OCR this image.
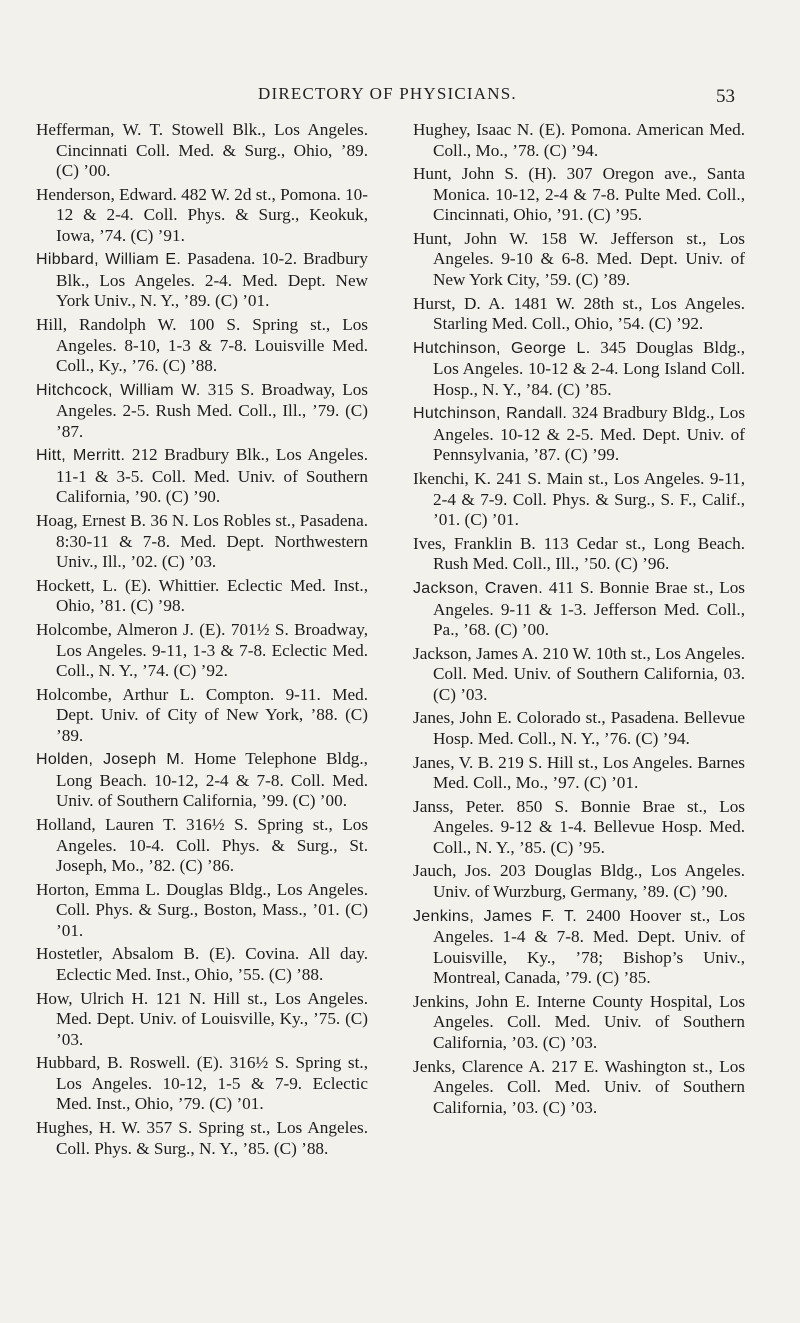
DIRECTORY OF PHYSICIANS.	53

Hefferman, W. T. Stowell Blk., Los Angeles. Cincinnati Coll. Med. & Surg., Ohio, ’89. (C) ’00.

Henderson, Edward. 482 W. 2d st., Pomona. 10-12 & 2-4. Coll. Phys. & Surg., Keokuk, Iowa, ’74. (C) ’91.

Hibbard, William E. Pasadena. 10-2. Bradbury Blk., Los Angeles. 2-4. Med. Dept. New York Univ., N. Y., ’89. (C) ’01.

Hill, Randolph W. 100 S. Spring st., Los Angeles. 8-10, 1-3 & 7-8. Louisville Med. Coll., Ky., ’76. (C) ’88.

Hitchcock, William W. 315 S. Broadway, Los Angeles. 2-5. Rush Med. Coll., Ill., ’79. (C) ’87.

Hitt, Merritt. 212 Bradbury Blk., Los Angeles. 11-1 & 3-5. Coll. Med. Univ. of Southern California, ’90. (C) ’90.

Hoag, Ernest B. 36 N. Los Robles st., Pasadena. 8:30-11 & 7-8. Med. Dept. Northwestern Univ., Ill., ’02. (C) ’03.

Hockett, L. (E). Whittier. Eclectic Med. Inst., Ohio, ’81. (C) ’98.

Holcombe, Almeron J. (E). 701½ S. Broadway, Los Angeles. 9-11, 1-3 & 7-8. Eclectic Med. Coll., N. Y., ’74. (C) ’92.

Holcombe, Arthur L. Compton. 9-11. Med. Dept. Univ. of City of New York, ’88. (C) ’89.

Holden, Joseph M. Home Telephone Bldg., Long Beach. 10-12, 2-4 & 7-8. Coll. Med. Univ. of Southern California, ’99. (C) ’00.

Holland, Lauren T. 316½ S. Spring st., Los Angeles. 10-4. Coll. Phys. & Surg., St. Joseph, Mo., ’82. (C) ’86.

Horton, Emma L. Douglas Bldg., Los Angeles. Coll. Phys. & Surg., Boston, Mass., ’01. (C) ’01.

Hostetler, Absalom B. (E). Covina. All day. Eclectic Med. Inst., Ohio, ’55. (C) ’88.

How, Ulrich H. 121 N. Hill st., Los Angeles. Med. Dept. Univ. of Louisville, Ky., ’75. (C) ’03.

Hubbard, B. Roswell. (E). 316½ S. Spring st., Los Angeles. 10-12, 1-5 & 7-9. Eclectic Med. Inst., Ohio, ’79. (C) ’01.

Hughes, H. W. 357 S. Spring st., Los Angeles. Coll. Phys. & Surg., N. Y., ’85. (C) ’88.

Hughey, Isaac N. (E). Pomona. American Med. Coll., Mo., ’78. (C) ’94.

Hunt, John S. (H). 307 Oregon ave., Santa Monica. 10-12, 2-4 & 7-8. Pulte Med. Coll., Cincinnati, Ohio, ’91. (C) ’95.

Hunt, John W. 158 W. Jefferson st., Los Angeles. 9-10 & 6-8. Med. Dept. Univ. of New York City, ’59. (C) ’89.

Hurst, D. A. 1481 W. 28th st., Los Angeles. Starling Med. Coll., Ohio, ’54. (C) ’92.

Hutchinson, George L. 345 Douglas Bldg., Los Angeles. 10-12 & 2-4. Long Island Coll. Hosp., N. Y., ’84. (C) ’85.

Hutchinson, Randall. 324 Bradbury Bldg., Los Angeles. 10-12 & 2-5. Med. Dept. Univ. of Pennsylvania, ’87. (C) ’99.

Ikenchi, K. 241 S. Main st., Los Angeles. 9-11, 2-4 & 7-9. Coll. Phys. & Surg., S. F., Calif., ’01. (C) ’01.

Ives, Franklin B. 113 Cedar st., Long Beach. Rush Med. Coll., Ill., ’50. (C) ’96.

Jackson, Craven. 411 S. Bonnie Brae st., Los Angeles. 9-11 & 1-3. Jefferson Med. Coll., Pa., ’68. (C) ’00.

Jackson, James A. 210 W. 10th st., Los Angeles. Coll. Med. Univ. of Southern California, 03. (C) ’03.

Janes, John E. Colorado st., Pasadena. Bellevue Hosp. Med. Coll., N. Y., ’76. (C) ’94.

Janes, V. B. 219 S. Hill st., Los Angeles. Barnes Med. Coll., Mo., ’97. (C) ’01.

Janss, Peter. 850 S. Bonnie Brae st., Los Angeles. 9-12 & 1-4. Bellevue Hosp. Med. Coll., N. Y., ’85. (C) ’95.

Jauch, Jos. 203 Douglas Bldg., Los Angeles. Univ. of Wurzburg, Germany, ’89. (C) ’90.

Jenkins, James F. T. 2400 Hoover st., Los Angeles. 1-4 & 7-8. Med. Dept. Univ. of Louisville, Ky., ’78; Bishop’s Univ., Montreal, Canada, ’79. (C) ’85.

Jenkins, John E. Interne County Hospital, Los Angeles. Coll. Med. Univ. of Southern California, ’03. (C) ’03.

Jenks, Clarence A. 217 E. Washington st., Los Angeles. Coll. Med. Univ. of Southern California, ’03. (C) ’03.
